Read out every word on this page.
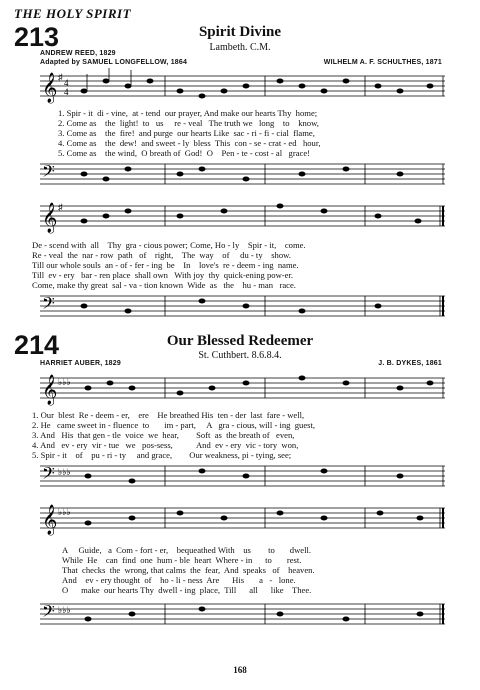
THE HOLY SPIRIT
213	Spirit Divine
Lambeth. C.M.
ANDREW REED, 1829
Adapted by SAMUEL LONGFELLOW, 1864	WILHELM A. F. SCHULTHES, 1871
𝄞 ♯
4
4
1. Spir - it  di - vine,  at - tend  our prayer, And make our hearts Thy  home;
2. Come as    the  light!  to   us     re - veal   The truth we   long    to    know,
3. Come as    the  fire!  and purge  our hearts Like  sac - ri - fi - cial  flame,
4. Come as    the  dew!  and sweet - ly  bless  This  con - se - crat - ed   hour,
5. Come as    the wind,  O breath of  God!  O    Pen - te - cost - al   grace!
𝄢
𝄞 ♯
De - scend with  all    Thy  gra - cious power; Come, Ho - ly    Spir - it,    come.
Re - veal  the  nar - row  path   of    right,    The  way    of     du - ty    show.
Till our whole souls  an - of - fer - ing  be    In    love's  re - deem - ing  name.
Till  ev - ery   bar - ren place  shall own   With joy  thy  quick-ening pow-er.
Come, make thy great  sal - va - tion known  Wide  as   the    hu - man   race.
𝄢
214	Our Blessed Redeemer
St. Cuthbert. 8.6.8.4.
HARRIET AUBER, 1829	J. B. DYKES, 1861
𝄞 ♭♭♭
1. Our  blest  Re - deem - er,    ere    He breathed His  ten - der  last  fare - well,
2. He   came sweet in - fluence  to       im - part,     A   gra - cious, will - ing  guest,
3. And   His  that gen - tle  voice  we  hear,        Soft  as  the breath of   even,
4. And   ev - ery  vir - tue   we   pos-sess,           And  ev - ery  vic - tory  won,
5. Spir - it    of    pu - ri - ty     and grace,        Our weakness, pi - tying, see;
𝄢 ♭♭♭
𝄞 ♭♭♭
A     Guide,   a  Com - fort - er,    bequeathed With    us        to       dwell.
While  He    can  find  one  hum - ble  heart  Where - in      to       rest.
That  checks  the  wrong, that calms  the  fear,  And  speaks   of    heaven.
And    ev - ery thought  of    ho - li - ness  Are      His       a   -   lone.
O      make  our hearts Thy  dwell - ing  place,  Till      all      like    Thee.
𝄢 ♭♭♭
168
